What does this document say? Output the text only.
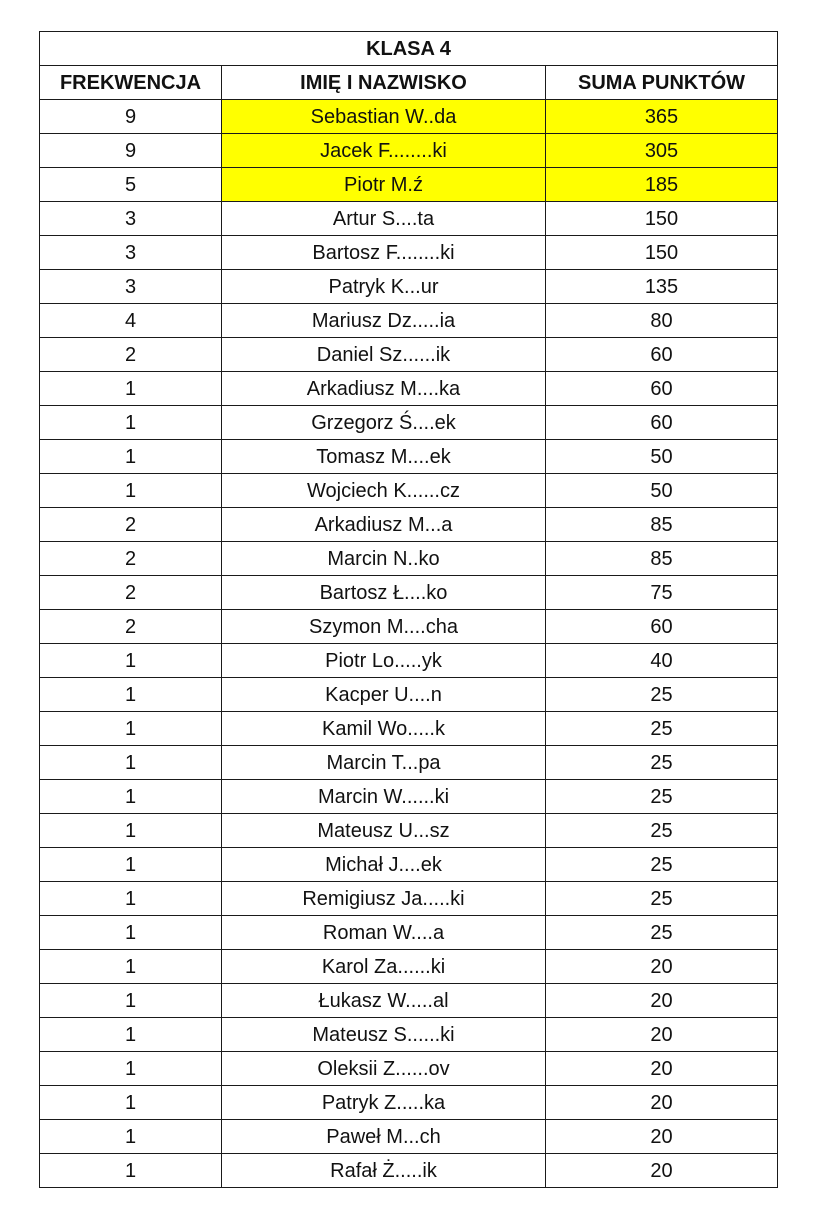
KLASA 4		
FREKWENCJA	IMIĘ I NAZWISKO	SUMA PUNKTÓW
9	Sebastian W..da	365
9	Jacek F........ki	305
5	Piotr M.ź	185
3	Artur S....ta	150
3	Bartosz F........ki	150
3	Patryk K...ur	135
4	Mariusz Dz.....ia	80
2	Daniel Sz......ik	60
1	Arkadiusz M....ka	60
1	Grzegorz Ś....ek	60
1	Tomasz M....ek	50
1	Wojciech K......cz	50
2	Arkadiusz M...a	85
2	Marcin N..ko	85
2	Bartosz Ł....ko	75
2	Szymon M....cha	60
1	Piotr Lo.....yk	40
1	Kacper U....n	25
1	Kamil Wo.....k	25
1	Marcin T...pa	25
1	Marcin W......ki	25
1	Mateusz U...sz	25
1	Michał J....ek	25
1	Remigiusz Ja.....ki	25
1	Roman W....a	25
1	Karol Za......ki	20
1	Łukasz W.....al	20
1	Mateusz S......ki	20
1	Oleksii Z......ov	20
1	Patryk Z.....ka	20
1	Paweł M...ch	20
1	Rafał Ż.....ik	20
